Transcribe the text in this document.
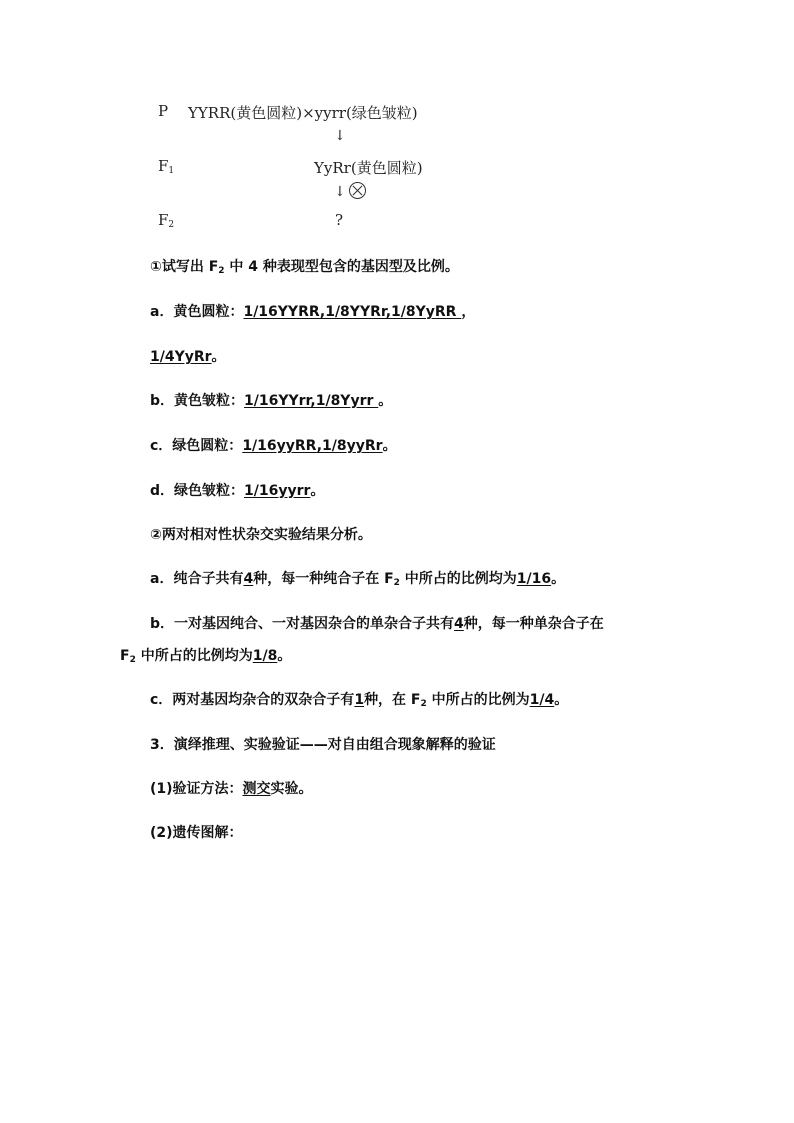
P YYRR(黄色圆粒)×yyrr(绿色皱粒)
↓
$F_1$	YyRr(黄色圆粒)
↓
$F_2$	?
①试写出 $F_2$ 中 4 种表现型包含的基因型及比例。
a．黄色圆粒：1/16YYRR,1/8YYRr,1/8YyRR ，
1/4YyRr。
b．黄色皱粒：1/16YYrr,1/8Yyrr 。
c．绿色圆粒：1/16yyRR,1/8yyRr。
d．绿色皱粒：1/16yyrr。
②两对相对性状杂交实验结果分析。
a．纯合子共有4种，每一种纯合子在 $F_2$ 中所占的比例均为1/16。
b．一对基因纯合、一对基因杂合的单杂合子共有4种，每一种单杂合子在
$F_2$ 中所占的比例均为1/8。
c．两对基因均杂合的双杂合子有1种，在 $F_2$ 中所占的比例为1/4。
3．演绎推理、实验验证——对自由组合现象解释的验证
(1)验证方法：测交实验。
(2)遗传图解：
